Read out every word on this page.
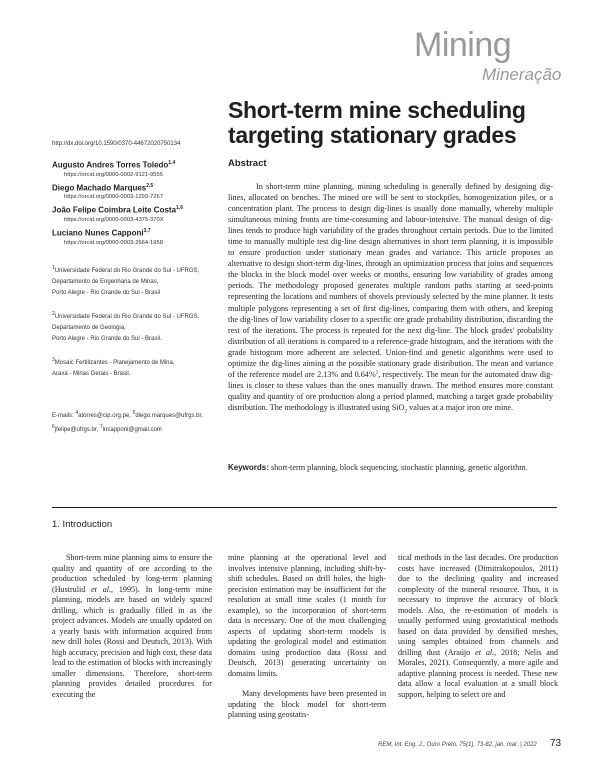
Mining
Mineração
Short-term mine scheduling
targeting stationary grades
http://dx.doi.org/10.1590/0370-44672020750134
Augusto Andres Torres Toledo$^{1,4}$
https://orcid.org/0000-0002-9121-9555
Diego Machado Marques$^{2,5}$
https://orcid.org/0000-0003-1293-7267
João Felipe Coimbra Leite Costa$^{1,6}$
https://orcid.org/0000-0003-4375-370X
Luciano Nunes Capponi$^{3,7}$
https://orcid.org/0000-0003-2664-1958
$^1$Universidade Federal do Rio Grande do Sul - UFRGS,
Departamento de Engenharia de Minas,
Porto Alegre - Rio Grande do Sul - Brasil
$^2$Universidade Federal do Rio Grande do Sul - UFRGS,
Departamento de Geologia,
Porto Alegre - Rio Grande do Sul - Brasil.
$^3$Mosaic Fertilizantes - Planejamento de Mina,
Araxá - Minas Gerais - Brasil.
E-mails: $^4$atorres@cip.org.pe, $^5$diego.marques@ufrgs.br, $^6$jfelipe@ufrgs.br, $^7$lncapponi@gmail.com
Abstract
In short-term mine planning, mining scheduling is generally defined by designing dig-lines, allocated on benches. The mined ore will be sent to stockpiles, homogenization piles, or a concentration plant. The process to design dig-lines is usually done manually, whereby multiple simultaneous mining fronts are time-consuming and labour-intensive. The manual design of dig-lines tends to produce high variability of the grades throughout certain periods. Due to the limited time to manually multiple test dig-line design alternatives in short term planning, it is impossible to ensure production under stationary mean grades and variance. This article proposes an alternative to design short-term dig-lines, through an optimization process that joins and sequences the blocks in the block model over weeks or months, ensuring low variability of grades among periods. The methodology proposed generates multiple random paths starting at seed-points representing the locations and numbers of shovels previously selected by the mine planner. It tests multiple polygons representing a set of first dig-lines, comparing them with others, and keeping the dig-lines of low variability closer to a specific ore grade probability distribution, discarding the rest of the iterations. The process is repeated for the next dig-line. The block grades' probability distribution of all iterations is compared to a reference-grade histogram, and the iterations with the grade histogram more adherent are selected. Union-find and genetic algorithms were used to optimize the dig-lines aiming at the possible stationary grade distribution. The mean and variance of the reference model are 2.13% and 0.64%$^2$, respectively. The mean for the automated draw dig-lines is closer to these values than the ones manually drawn. The method ensures more constant quality and quantity of ore production along a period planned, matching a target grade probability distribution. The methodology is illustrated using SiO$_2$ values at a major iron ore mine.
Keywords: short-term planning, block sequencing, stochastic planning, genetic algorithm.
1. Introduction

Short-term mine planning aims to ensure the quality and quantity of ore according to the production scheduled by long-term planning (Hustrulid et al., 1995). In long-term mine planning, models are based on widely spaced drilling, which is gradually filled in as the project advances. Models are usually updated on a yearly basis with information acquired from new drill holes (Rossi and Deutsch, 2013). With high accuracy, precision and high cost, these data lead to the estimation of blocks with increasingly smaller dimensions. Therefore, short-term planning provides detailed procedures for executing the

mine planning at the operational level and involves intensive planning, including shift-by-shift schedules. Based on drill holes, the high-precision estimation may be insufficient for the resolution at small time scales (1 month for example), so the incorporation of short-term data is necessary. One of the most challenging aspects of updating short-term models is updating the geological model and estimation domains using production data (Rossi and Deutsch, 2013) generating uncertainty on domains limits.

Many developments have been presented in updating the block model for short-term planning using geostatis-

tical methods in the last decades. Ore production costs have increased (Dimitrakopoulos, 2011) due to the declining quality and increased complexity of the mineral resource. Thus, it is necessary to improve the accuracy of block models. Also, the re-estimation of models is usually performed using geostatistical methods based on data provided by densified meshes, using samples obtained from channels and drilling dust (Araújo et al., 2018; Nelis and Morales, 2021). Consequently, a more agile and adaptive planning process is needed. These new data allow a local evaluation at a small block support, helping to select ore and

REM, Int. Eng. J., Ouro Preto, 75(1), 73-82, jan. mar. | 2022 73
